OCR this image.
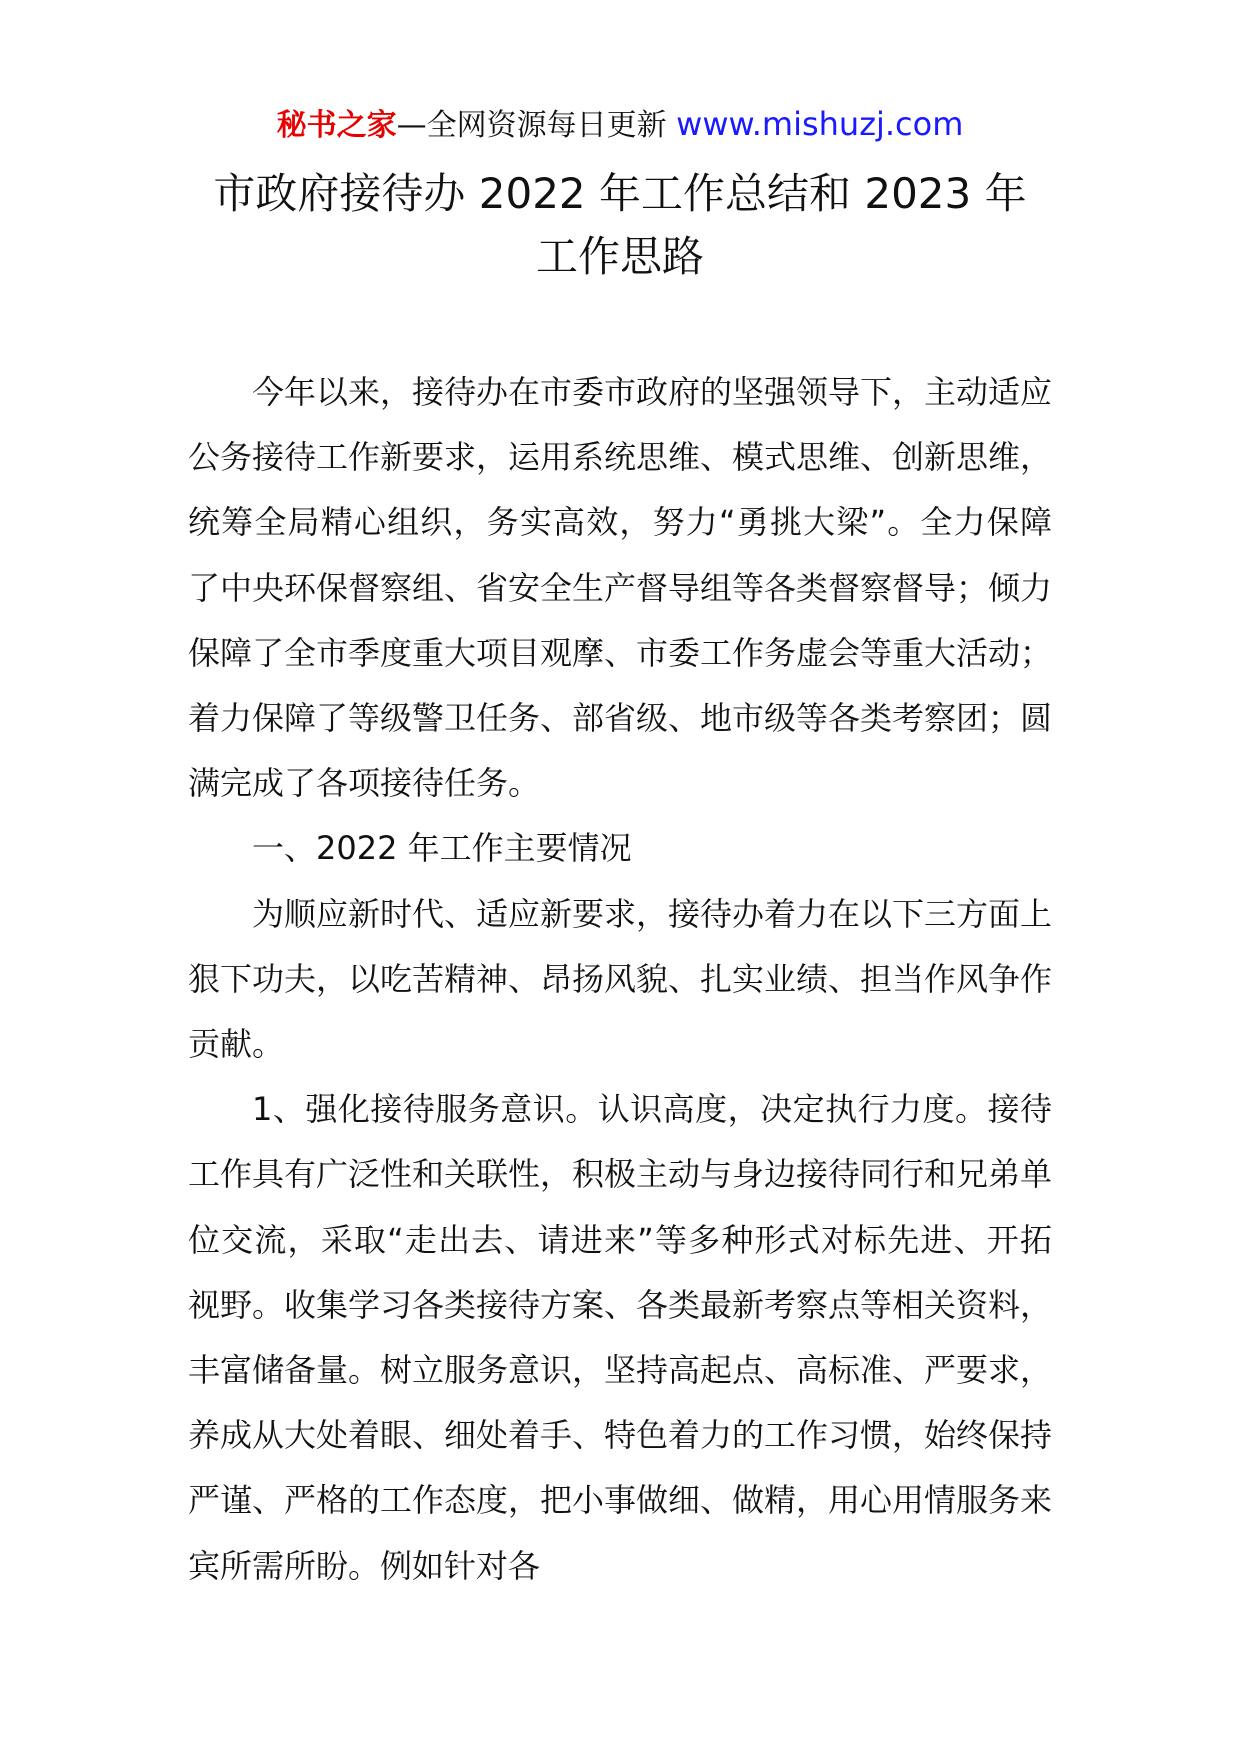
秘书之家—全网资源每日更新 www.mishuzj.com
市政府接待办 2022 年工作总结和 2023 年
工作思路

今年以来，接待办在市委市政府的坚强领导下，主动适应公务接待工作新要求，运用系统思维、模式思维、创新思维，统筹全局精心组织，务实高效，努力“勇挑大梁”。全力保障了中央环保督察组、省安全生产督导组等各类督察督导；倾力保障了全市季度重大项目观摩、市委工作务虚会等重大活动；着力保障了等级警卫任务、部省级、地市级等各类考察团；圆满完成了各项接待任务。

一、2022 年工作主要情况

为顺应新时代、适应新要求，接待办着力在以下三方面上狠下功夫，以吃苦精神、昂扬风貌、扎实业绩、担当作风争作贡献。

1、强化接待服务意识。认识高度，决定执行力度。接待工作具有广泛性和关联性，积极主动与身边接待同行和兄弟单位交流，采取“走出去、请进来”等多种形式对标先进、开拓视野。收集学习各类接待方案、各类最新考察点等相关资料，丰富储备量。树立服务意识，坚持高起点、高标准、严要求，养成从大处着眼、细处着手、特色着力的工作习惯，始终保持严谨、严格的工作态度，把小事做细、做精，用心用情服务来宾所需所盼。例如针对各
